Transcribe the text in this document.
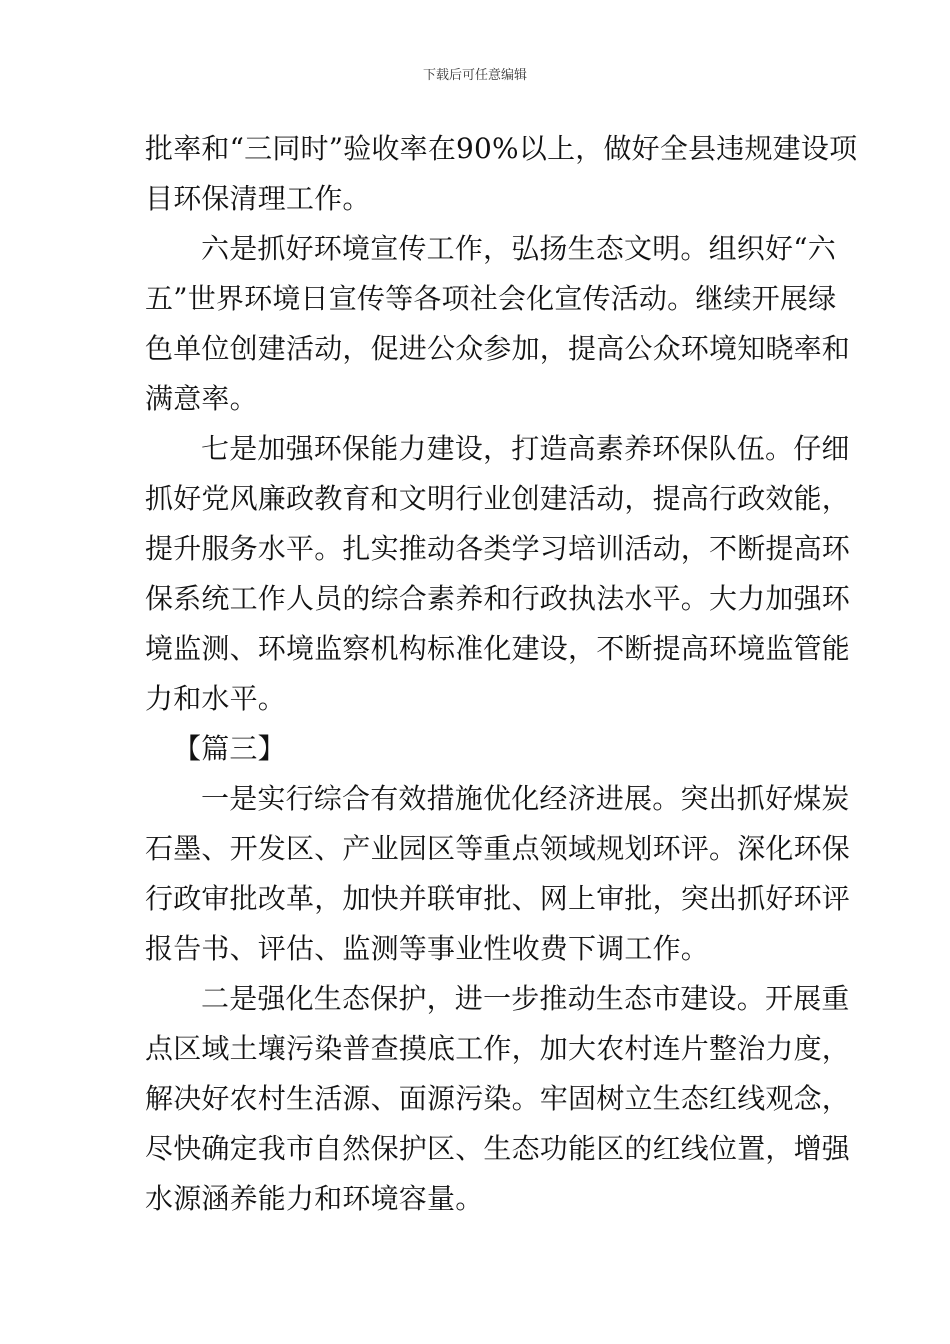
下载后可任意编辑
批率和“三同时”验收率在90%以上，做好全县违规建设项
目环保清理工作。
六是抓好环境宣传工作，弘扬生态文明。组织好“六
五”世界环境日宣传等各项社会化宣传活动。继续开展绿
色单位创建活动，促进公众参加，提高公众环境知晓率和
满意率。
七是加强环保能力建设，打造高素养环保队伍。仔细
抓好党风廉政教育和文明行业创建活动，提高行政效能，
提升服务水平。扎实推动各类学习培训活动，不断提高环
保系统工作人员的综合素养和行政执法水平。大力加强环
境监测、环境监察机构标准化建设，不断提高环境监管能
力和水平。
【篇三】
一是实行综合有效措施优化经济进展。突出抓好煤炭
石墨、开发区、产业园区等重点领域规划环评。深化环保
行政审批改革，加快并联审批、网上审批，突出抓好环评
报告书、评估、监测等事业性收费下调工作。
二是强化生态保护，进一步推动生态市建设。开展重
点区域土壤污染普查摸底工作，加大农村连片整治力度，
解决好农村生活源、面源污染。牢固树立生态红线观念，
尽快确定我市自然保护区、生态功能区的红线位置，增强
水源涵养能力和环境容量。
